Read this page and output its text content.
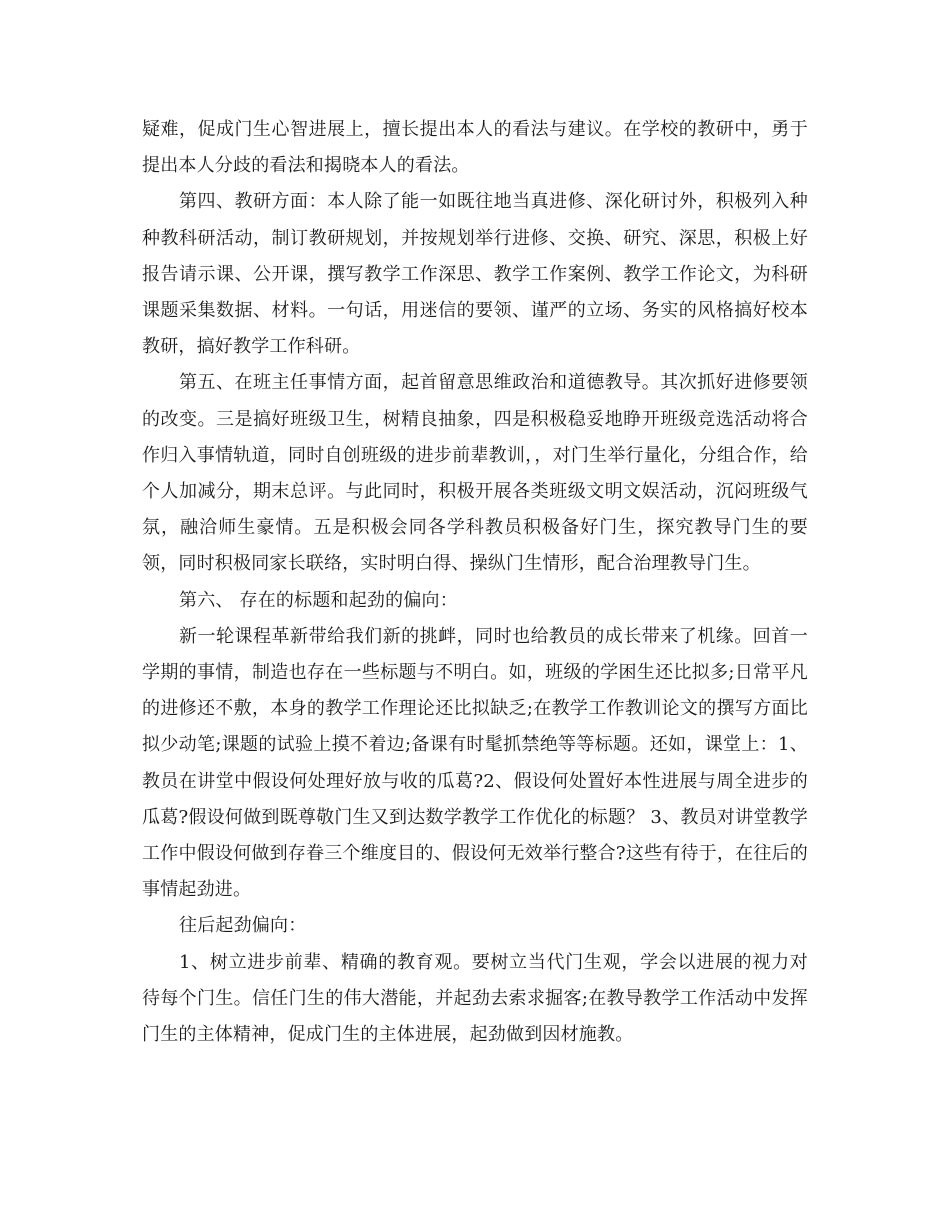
疑难，促成门生心智进展上，擅长提出本人的看法与建议。在学校的教研中，勇于提出本人分歧的看法和揭晓本人的看法。

第四、教研方面：本人除了能一如既往地当真进修、深化研讨外，积极列入种种教科研活动，制订教研规划，并按规划举行进修、交换、研究、深思，积极上好报告请示课、公开课，撰写教学工作深思、教学工作案例、教学工作论文，为科研课题采集数据、材料。一句话，用迷信的要领、谨严的立场、务实的风格搞好校本教研，搞好教学工作科研。

第五、在班主任事情方面，起首留意思维政治和道德教导。其次抓好进修要领的改变。三是搞好班级卫生，树精良抽象，四是积极稳妥地睁开班级竞选活动将合作归入事情轨道，同时自创班级的进步前辈教训，，对门生举行量化，分组合作，给个人加减分，期末总评。与此同时，积极开展各类班级文明文娱活动，沉闷班级气氛，融洽师生豪情。五是积极会同各学科教员积极备好门生，探究教导门生的要领，同时积极同家长联络，实时明白得、操纵门生情形，配合治理教导门生。

第六、 存在的标题和起劲的偏向：

新一轮课程革新带给我们新的挑衅，同时也给教员的成长带来了机缘。回首一学期的事情，制造也存在一些标题与不明白。如，班级的学困生还比拟多;日常平凡的进修还不敷，本身的教学工作理论还比拟缺乏;在教学工作教训论文的撰写方面比拟少动笔;课题的试验上摸不着边;备课有时髦抓禁绝等等标题。还如，课堂上：1、教员在讲堂中假设何处理好放与收的瓜葛?2、假设何处置好本性进展与周全进步的瓜葛?假设何做到既尊敬门生又到达数学教学工作优化的标题？ 3、教员对讲堂教学工作中假设何做到存眷三个维度目的、假设何无效举行整合?这些有待于，在往后的事情起劲进。

往后起劲偏向：

1、树立进步前辈、精确的教育观。要树立当代门生观，学会以进展的视力对待每个门生。信任门生的伟大潜能，并起劲去索求掘客;在教导教学工作活动中发挥门生的主体精神，促成门生的主体进展，起劲做到因材施教。
